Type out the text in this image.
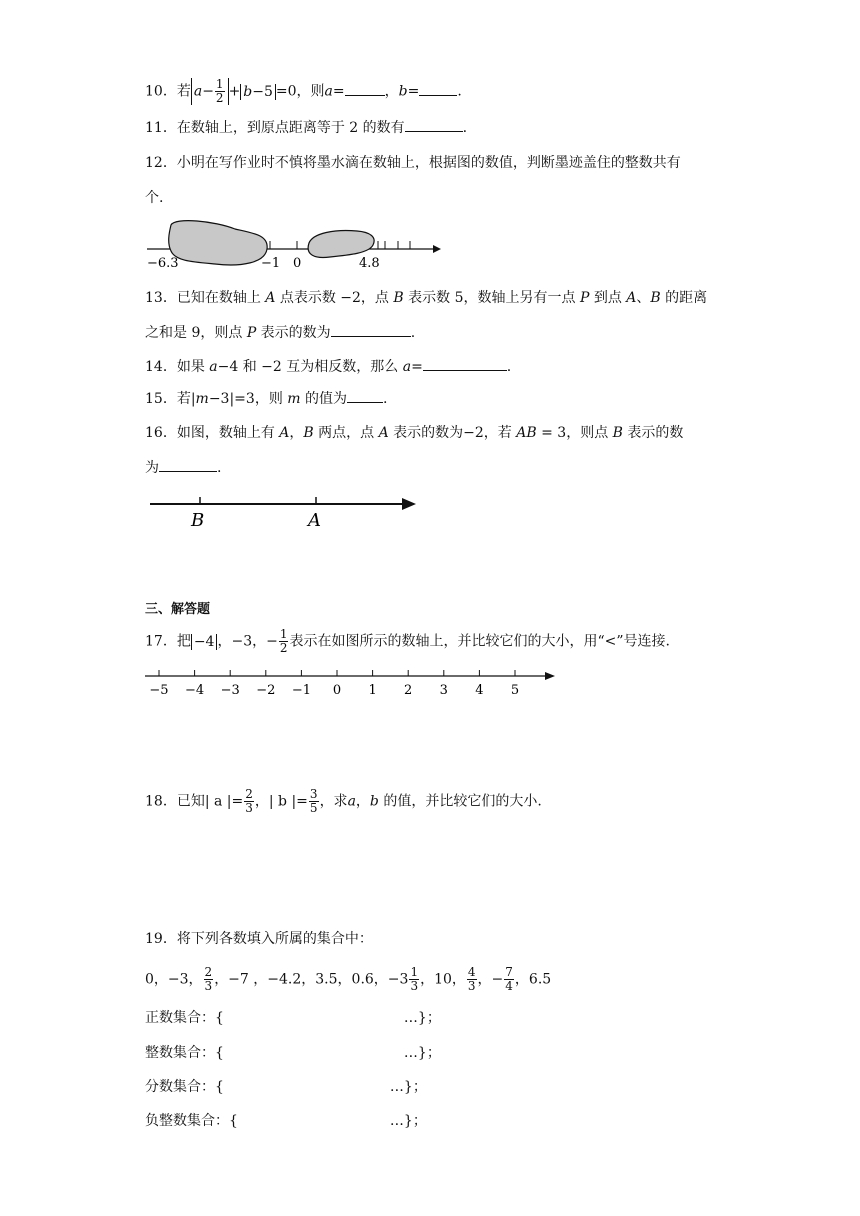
10．若 $a- \frac{1}{2} + b-5 =0$，则a=	，b=	.
11．在数轴上，到原点距离等于 2 的数有	.
12．小明在写作业时不慎将墨水滴在数轴上，根据图的数值，判断墨迹盖住的整数共有
个.
−6.3	−1 0	4.8
13．已知在数轴上 A 点表示数 −2，点 B 表示数 5，数轴上另有一点 P 到点 A、B 的距离
之和是 9，则点 P 表示的数为	.
14．如果 a−4 和 −2 互为相反数，那么 a=	.
15．若|m−3|=3，则 m 的值为	.
16．如图，数轴上有 A，B 两点，点 A 表示的数为−2，若 AB = 3，则点 B 表示的数
为	.
B	A
三、解答题
17．把 −4 ，−3，− $\frac{1}{2}$ 表示在如图所示的数轴上，并比较它们的大小，用“<”号连接.
−5 −4 −3 −2 −1 0 1 2 3 4 5
18．已知| a |= $\frac{2}{3}$ ，| b |= $\frac{3}{5}$ ，求a，b 的值，并比较它们的大小.
19．将下列各数填入所属的集合中：
0，−3， $\frac{2}{3}$ ，−7 ，−4.2，3.5，0.6，$-3 \frac{1}{3}$ ，10， $\frac{4}{3}$ ，− $\frac{7}{4}$ ，6.5
正数集合：{	…}；
整数集合：{	…}；
分数集合：{	…}；
负整数集合：{	…}；
